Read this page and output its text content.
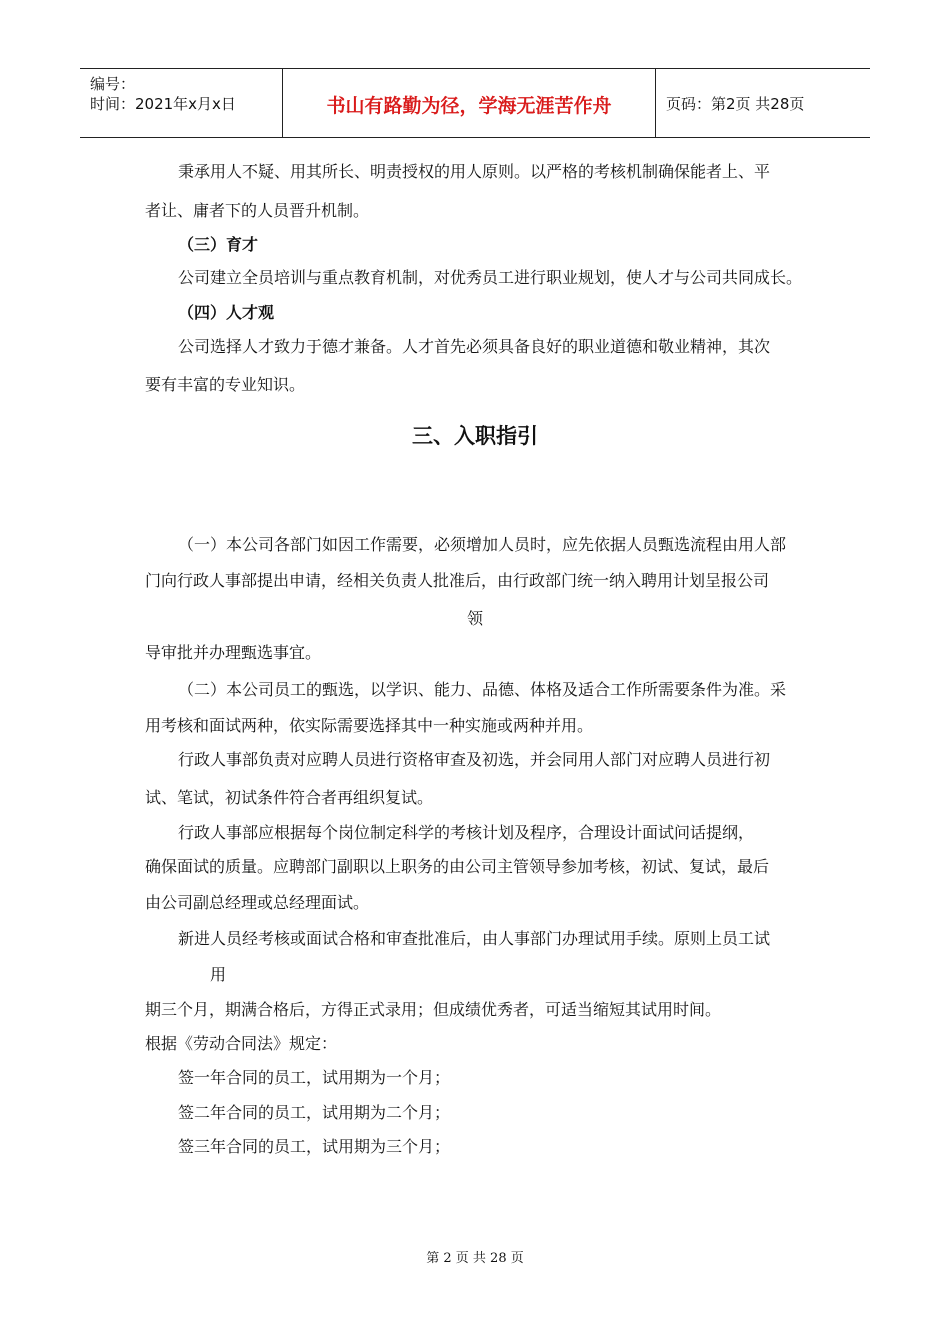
编号：
时间：2021年x月x日	书山有路勤为径，学海无涯苦作舟	页码：第2页 共28页
秉承用人不疑、用其所长、明责授权的用人原则。以严格的考核机制确保能者上、平
者让、庸者下的人员晋升机制。
（三）育才
公司建立全员培训与重点教育机制，对优秀员工进行职业规划，使人才与公司共同成长。
（四）人才观
公司选择人才致力于德才兼备。人才首先必须具备良好的职业道德和敬业精神，其次
要有丰富的专业知识。
三、入职指引
（一）本公司各部门如因工作需要，必须增加人员时，应先依据人员甄选流程由用人部
门向行政人事部提出申请，经相关负责人批准后，由行政部门统一纳入聘用计划呈报公司
领
导审批并办理甄选事宜。
（二）本公司员工的甄选，以学识、能力、品德、体格及适合工作所需要条件为准。采
用考核和面试两种，依实际需要选择其中一种实施或两种并用。
行政人事部负责对应聘人员进行资格审查及初选，并会同用人部门对应聘人员进行初
试、笔试，初试条件符合者再组织复试。
行政人事部应根据每个岗位制定科学的考核计划及程序，合理设计面试问话提纲，
确保面试的质量。应聘部门副职以上职务的由公司主管领导参加考核，初试、复试，最后
由公司副总经理或总经理面试。
新进人员经考核或面试合格和审查批准后，由人事部门办理试用手续。原则上员工试
用
期三个月，期满合格后，方得正式录用；但成绩优秀者，可适当缩短其试用时间。
根据《劳动合同法》规定：
签一年合同的员工，试用期为一个月；
签二年合同的员工，试用期为二个月；
签三年合同的员工，试用期为三个月；
第 2 页 共 28 页
